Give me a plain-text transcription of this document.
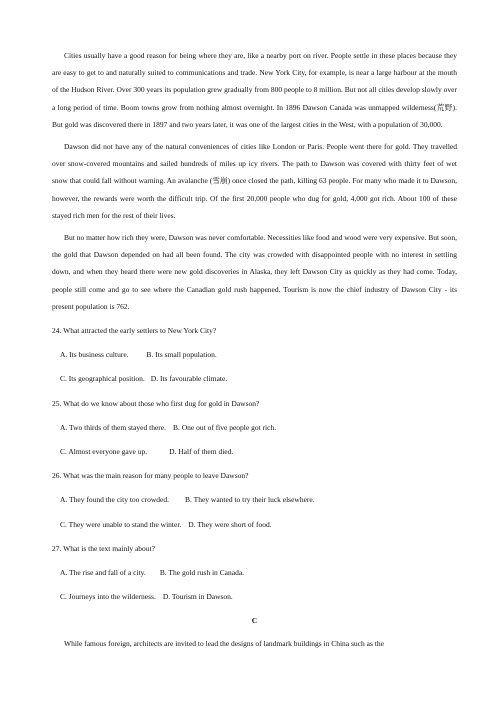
Cities usually have a good reason for being where they are, like a nearby port on river. People settle in these places because they are easy to get to and naturally suited to communications and trade. New York City, for example, is near a large harbour at the mouth of the Hudson River. Over 300 years its population grew gradually from 800 people to 8 million. But not all cities develop slowly over a long period of time. Boom towns grow from nothing almost overnight. In 1896 Dawson Canada was unmapped wilderness(荒野). But gold was discovered there in 1897 and two years later, it was one of the largest cities in the West, with a population of 30,000.

Dawson did not have any of the natural conveniences of cities like London or Paris. People went there for gold. They travelled over snow-covered mountains and sailed hundreds of miles up icy rivers. The path to Dawson was covered with thirty feet of wet snow that could fall without warning. An avalanche (雪崩) once closed the path, killing 63 people. For many who made it to Dawson, however, the rewards were worth the difficult trip. Of the first 20,000 people who dug for gold, 4,000 got rich. About 100 of these stayed rich men for the rest of their lives.

But no matter how rich they were, Dawson was never comfortable. Necessities like food and wood were very expensive. But soon, the gold that Dawson depended on had all been found. The city was crowded with disappointed people with no interest in settling down, and when they heard there were new gold discoveries in Alaska, they left Dawson City as quickly as they had come. Today, people still come and go to see where the Canadian gold rush happened. Tourism is now the chief industry of Dawson City - its present population is 762.

24. What attracted the early settlers to New York City?

A. Its business culture. B. Its small population.

C. Its geographical position. D. Its favourable climate.

25. What do we know about those who first dug for gold in Dawson?

A. Two thirds of them stayed there. B. One out of five people got rich.

C. Almost everyone gave up.	D. Half of them died.

26. What was the main reason for many people to leave Dawson?

A. They found the city too crowded. B. They wanted to try their luck elsewhere.

C. They were unable to stand the winter. D. They were short of food.

27. What is the text mainly about?

A. The rise and fall of a city. B. The gold rush in Canada.

C. Journeys into the wilderness. D. Tourism in Dawson.

C

While famous foreign, architects are invited to lead the designs of landmark buildings in China such as the
